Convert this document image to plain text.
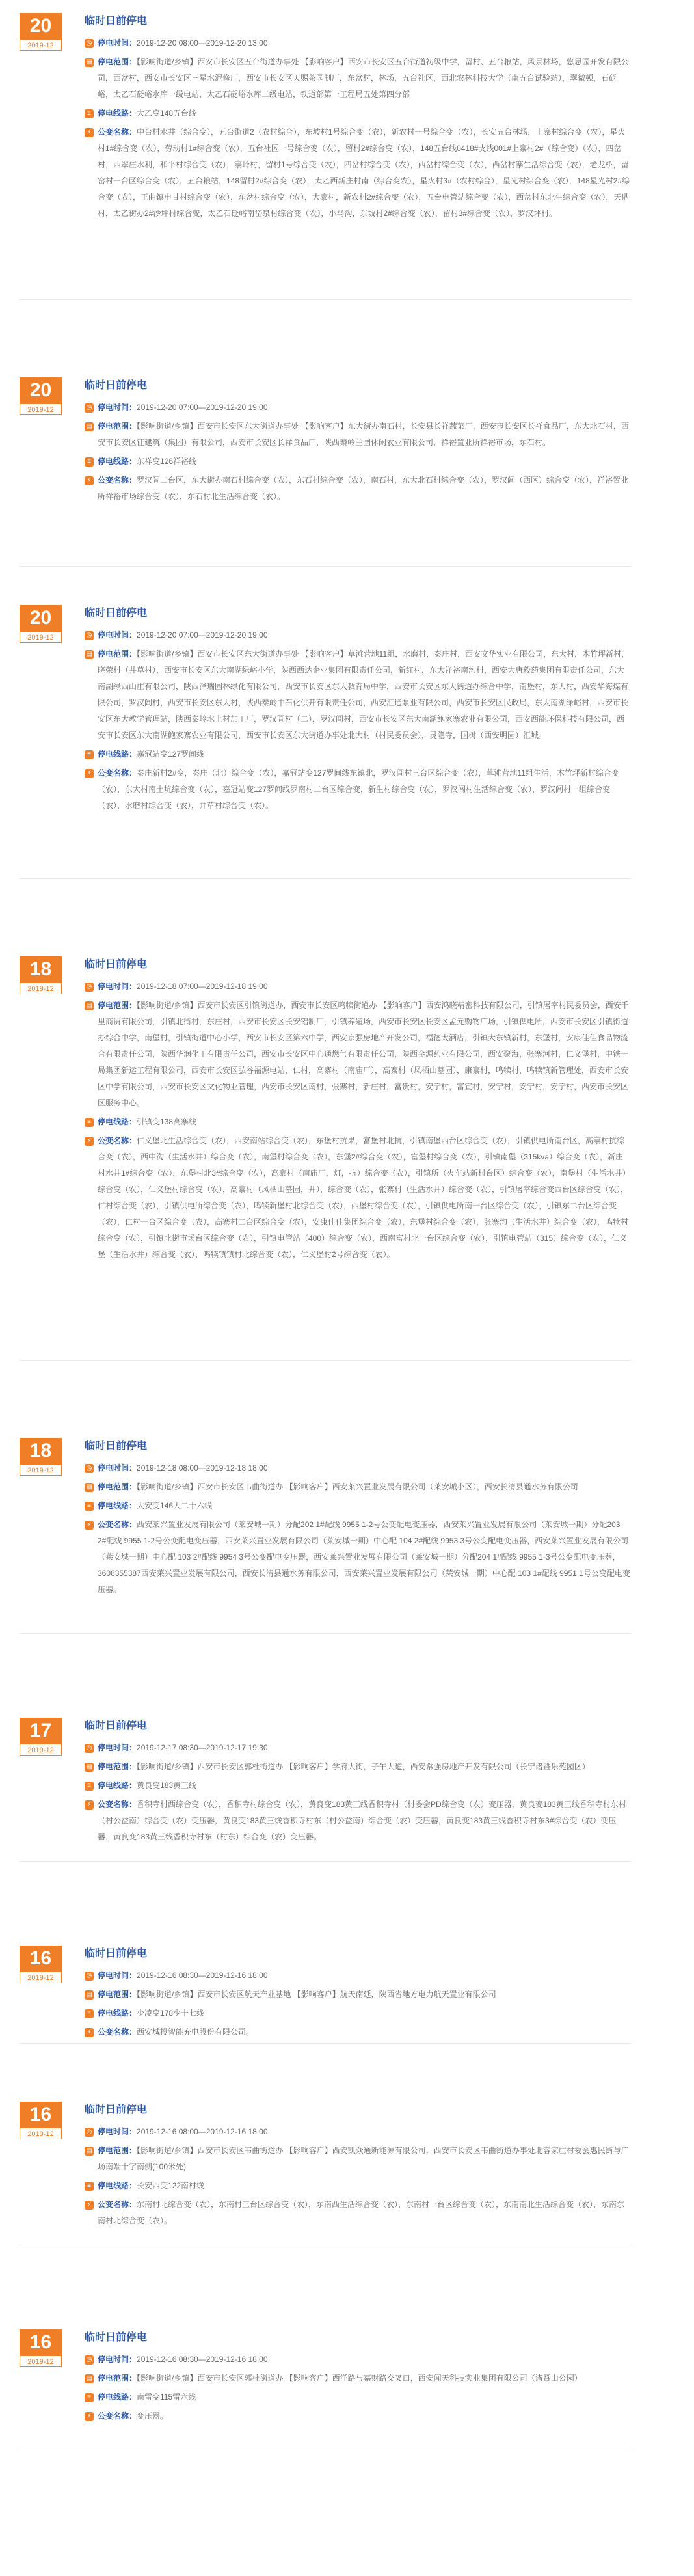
20
2019-12
临时日前停电
◷ 停电时间：2019-12-20 08:00—2019-12-20 13:00
▤ 停电范围：【影响街道/乡镇】西安市长安区五台街道办事处 【影响客户】西安市长安区五台街道初级中学，留村、五台粮站，风景林场，悠思园开发有限公司，西岔村，西安市长安区三星水泥修厂，西安市长安区天赐茶园制厂，东岔村，林场，五台社区，西北农林科技大学（南五台试验站），翠微顿，石砭峪，太乙石砭峪水库一级电站，太乙石砭峪水库二级电站，铁道部第一工程局五处第四分部
≡ 停电线路：大乙变148五台线
⚡ 公变名称：中台村水井（综合变），五台街道2（农村综合），东坡村1号综合变（农），新农村一号综合变（农），长安五台林场，上寨村综合变（农），星火村1#综合变（农），劳动村1#综合变（农），五台社区一号综合变（农），留村2#综合变（农），148五台线0418#支线001#上寨村2#（综合变）（农），四岔村，西翠庄水利，和平村综合变（农），寨岭村，留村1号综合变（农），四岔村综合变（农），西岔村综合变（农），西岔村寨生活综合变（农），老龙桥，留窑村一台区综合变（农），五台粮站，148留村2#综合变（农），太乙西新庄村南（综合变农），星火村3#（农村综合），星光村综合变（农），148星光村2#综合变（农），王曲镇申甘村综合变（农），东岔村综合变（农），大寨村，新农村2#综合变（农），五台电管站综合变（农），西岔村东北生综合变（农），天鼎村，太乙街办2#沙坪村综合变，太乙石砭峪南岱泉村综合变（农），小马沟，东坡村2#综合变（农），留村3#综合变（农），罗汉坪村。
20
2019-12
临时日前停电
◷ 停电时间：2019-12-20 07:00—2019-12-20 19:00
▤ 停电范围：【影响街道/乡镇】西安市长安区东大街道办事处 【影响客户】东大街办南石村，长安县长祥蔬菜厂，西安市长安区长祥食品厂，东大北石村，西安市长安区征建筑（集团）有限公司，西安市长安区长祥食品厂，陕西秦岭兰园休闲农业有限公司，祥裕置业所祥裕市场，东石村。
≡ 停电线路：东祥变126祥裕线
⚡ 公变名称：罗汉闾二台区，东大街办南石村综合变（农），东石村综合变（农），南石村，东大北石村综合变（农），罗汉闾（西区）综合变（农），祥裕置业所祥裕市场综合变（农），东石村北生活综合变（农）。
20
2019-12
临时日前停电
◷ 停电时间：2019-12-20 07:00—2019-12-20 19:00
▤ 停电范围：【影响街道/乡镇】西安市长安区东大街道办事处 【影响客户】草滩营地11组，水磨村，秦庄村，西安文华实业有限公司，东大村，木竹坪新村，晓荣村（井草村），西安市长安区东大南湖绿峪小学，陕西西达企业集团有限责任公司，新红村，东大祥裕南沟村，西安大唐毅药集团有限责任公司，东大南湖绿西山庄有限公司，陕西泽瑞园林绿化有限公司，西安市长安区东大教育局中学，西安市长安区东大街道办综合中学，南堡村，东大村，西安华海煤有限公司，罗汉闾村，西安市长安区东大村，陕西秦岭中石化供开有限责任公司，西安汇通泵业有限公司，西安市长安区民政局，东大南湖绿峪村，西安市长安区东大教学管理站，陕西秦岭水土材加工厂，罗汉闾村（二），罗汉闾村，西安市长安区东大南湖鲍家寨农业有限公司，西安西能环保科技有限公司，西安市长安区东大南湖鲍家寨农业有限公司，西安市长安区东大街道办事处北大村（村民委员会），灵隐寺，国树（西安明园）汇城。
≡ 停电线路：嘉冠站变127罗间线
⚡ 公变名称：秦庄新村2#变，秦庄（北）综合变（农），嘉冠站变127罗间线东镇北，罗汉闾村三台区综合变（农），草滩营地11组生活，木竹坪新村综合变（农），东大村南土坑综合变（农），嘉冠站变127罗间线罗南村二台区综合变，新生村综合变（农），罗汉闾村生活综合变（农），罗汉闾村一组综合变（农），水磨村综合变（农），井草村综合变（农）。
18
2019-12
临时日前停电
◷ 停电时间：2019-12-18 07:00—2019-12-18 19:00
▤ 停电范围：【影响街道/乡镇】西安市长安区引镇街道办，西安市长安区鸣犊街道办 【影响客户】西安鸿晓精密科技有限公司，引镇屠宰村民委员会，西安千里商贸有限公司，引镇北街村，东庄村，西安市长安区长安铝制厂，引镇养殖场，西安市长安区长安区孟元购物广场，引镇供电所，西安市长安区引镇街道办综合中学，南堡村，引镇街道中心小学，西安市长安区第六中学，西安京强房地产开发公司，福德太酒店，引镇大东镇新村，东堡村，安康佳佳食品物流合有限责任公司，陕西华润化工有限责任公司，西安市长安区中心通燃气有限责任公司，陕西金源药业有限公司，西安聚海，张寨河村，仁义堡村，中铁一局集团新运工程有限公司，西安市长安区弘谷福源电站，仁村，高寨村（南庙厂），高寨村（凤栖山墓园），康寨村，鸣犊村，鸣犊镇新管理处，西安市长安区中学有限公司，西安市长安区文化物业管理，西安市长安区南村，张寨村，新庄村，富贵村，安宁村，富宣村，安宁村，安宁村，安宁村，西安市长安区区服务中心。
≡ 停电线路：引镇变138高寨线
⚡ 公变名称：仁义堡北生活综合变（农），西安南站综合变（农），东堡村抗果，富堡村北抗，引镇南堡西台区综合变（农），引镇供电所南台区，高寨村抗综合变（农），西中沟（生活水井）综合变（农），南堡村综合变（农），东堡2#综合变（农），富堡村综合变（农），引镇南堡（315kva）综合变（农），新庄村水井1#综合变（农），东堡村北3#综合变（农），高寨村（南庙厂，灯，抗）综合变（农），引镇所（火车站新村台区）综合变（农），南堡村（生活水井）综合变（农），仁义堡村综合变（农），高寨村（凤栖山墓园，井），综合变（农），张寨村（生活水井）综合变（农），引镇屠宰综合变西台区综合变（农），仁村综合变（农），引镇供电所综合变（农），鸣犊新堡村北综合变（农），西堡村综合变（农），引镇供电所南一台区综合变（农），引镇东二台区综合变（农），仁村一台区综合变（农），高寨村二台区综合变（农），安康佳佳集团综合变（农），东堡村综合变（农），张寨沟（生活水井）综合变（农），鸣犊村综合变（农），引镇北街市场台区综合变（农），引镇电管站（400）综合变（农），西南富村北一台区综合变（农），引镇电管站（315）综合变（农），仁义堡（生活水井）综合变（农），鸣犊镇镇村北综合变（农），仁义堡村2号综合变（农）。
18
2019-12
临时日前停电
◷ 停电时间：2019-12-18 08:00—2019-12-18 18:00
▤ 停电范围：【影响街道/乡镇】西安市长安区韦曲街道办 【影响客户】西安莱兴置业发展有限公司（莱安城小区），西安长清县通水务有限公司
≡ 停电线路：大安变146大二十六线
⚡ 公变名称：西安莱兴置业发展有限公司（莱安城一期）分配202 1#配线 9955 1-2号公变配电变压器，西安莱兴置业发展有限公司（莱安城一期）分配203 2#配线 9955 1-2号公变配电变压器，西安莱兴置业发展有限公司（莱安城一期）中心配 104 2#配线 9953 3号公变配电变压器，西安莱兴置业发展有限公司（莱安城一期）中心配 103 2#配线 9954 3号公变配电变压器，西安莱兴置业发展有限公司（莱安城一期）分配204 1#配线 9955 1-3号公变配电变压器，3606355387西安莱兴置业发展有限公司，西安长清县通水务有限公司，西安莱兴置业发展有限公司（莱安城一期）中心配 103 1#配线 9951 1号公变配电变压器。
17
2019-12
临时日前停电
◷ 停电时间：2019-12-17 08:30—2019-12-17 19:30
▤ 停电范围：【影响街道/乡镇】西安市长安区郭杜街道办 【影响客户】学府大街，子午大道，西安常强房地产开发有限公司（长宁诸暨乐苑园区）
≡ 停电线路：黄良变183黄三线
⚡ 公变名称：香积寺村西综合变（农），香积寺村综合变（农），黄良变183黄三线香积寺村（村委会PD综合变（农）变压器，黄良变183黄三线香积寺村东村（村公益南）综合变（农）变压器，黄良变183黄三线香积寺村东（村公益南）综合变（农）变压器，黄良变183黄三线香积寺村东3#综合变（农）变压器，黄良变183黄三线香积寺村东（村东）综合变（农）变压器。
16
2019-12
临时日前停电
◷ 停电时间：2019-12-16 08:30—2019-12-16 18:00
▤ 停电范围：【影响街道/乡镇】西安市长安区航天产业基地 【影响客户】航天南延，陕西省地方电力航天置业有限公司
≡ 停电线路：少凌变178少十七线
⚡ 公变名称：西安城投智能充电股份有限公司。
16
2019-12
临时日前停电
◷ 停电时间：2019-12-16 08:00—2019-12-16 18:00
▤ 停电范围：【影响街道/乡镇】西安市长安区韦曲街道办 【影响客户】西安凯众通新能源有限公司，西安市长安区韦曲街道办事处北客家庄村委会惠民街与广场南端十字南侧(100米处)
≡ 停电线路：长安西变122南村线
⚡ 公变名称：东南村北综合变（农），东南村三台区综合变（农），东南西生活综合变（农），东南村一台区综合变（农），东南南北生活综合变（农），东南东南村北综合变（农）。
16
2019-12
临时日前停电
◷ 停电时间：2019-12-16 08:30—2019-12-16 18:00
▤ 停电范围：【影响街道/乡镇】西安市长安区郭杜街道办 【影响客户】西洋路与嘉财路交叉口，西安闻天科技实业集团有限公司（诸暨山公园）
≡ 停电线路：南雷变115雷六线
⚡ 公变名称：变压器。
